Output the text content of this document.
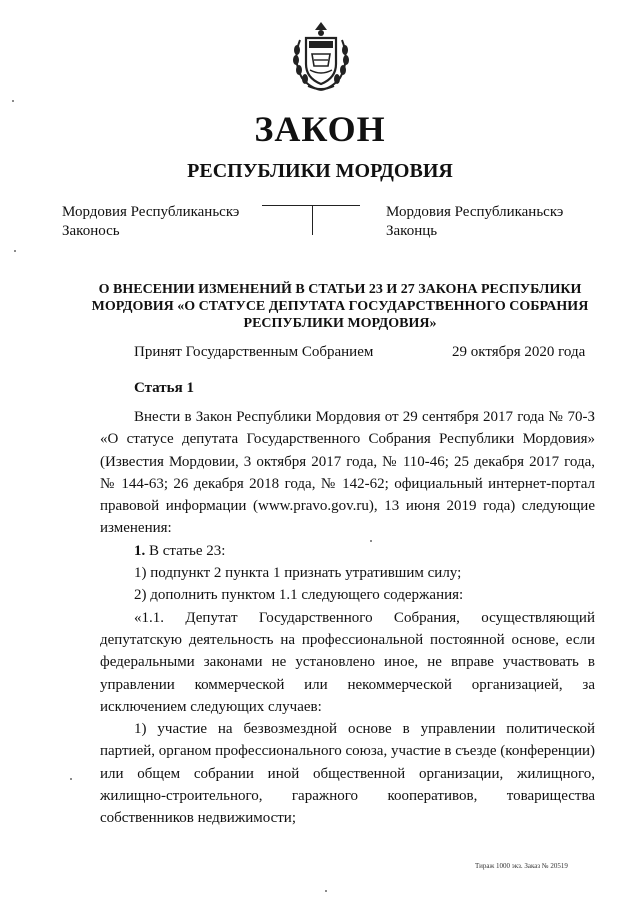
ЗАКОН
РЕСПУБЛИКИ МОРДОВИЯ
Мордовия Республиканьскэ
Законось
Мордовия Республиканьскэ
Законць
О ВНЕСЕНИИ ИЗМЕНЕНИЙ В СТАТЬИ 23 И 27 ЗАКОНА РЕСПУБЛИКИ МОРДОВИЯ «О СТАТУСЕ ДЕПУТАТА ГОСУДАРСТВЕННОГО СОБРАНИЯ РЕСПУБЛИКИ МОРДОВИЯ»
Принят Государственным Собранием	29 октября 2020 года
Статья 1

Внести в Закон Республики Мордовия от 29 сентября 2017 года № 70-З «О статусе депутата Государственного Собрания Республики Мордовия» (Известия Мордовии, 3 октября 2017 года, № 110-46; 25 декабря 2017 года, № 144-63; 26 декабря 2018 года, № 142-62; официальный интернет-портал правовой информации (www.pravo.gov.ru), 13 июня 2019 года) следующие изменения:

1. В статье 23:

1) подпункт 2 пункта 1 признать утратившим силу;

2) дополнить пунктом 1.1 следующего содержания:

«1.1. Депутат Государственного Собрания, осуществляющий депутатскую деятельность на профессиональной постоянной основе, если федеральными законами не установлено иное, не вправе участвовать в управлении коммерческой или некоммерческой организацией, за исключением следующих случаев:

1) участие на безвозмездной основе в управлении политической партией, органом профессионального союза, участие в съезде (конференции) или общем собрании иной общественной организации, жилищного, жилищно-строительного, гаражного кооперативов, товарищества собственников недвижимости;

Тираж 1000 экз. Заказ № 20519
